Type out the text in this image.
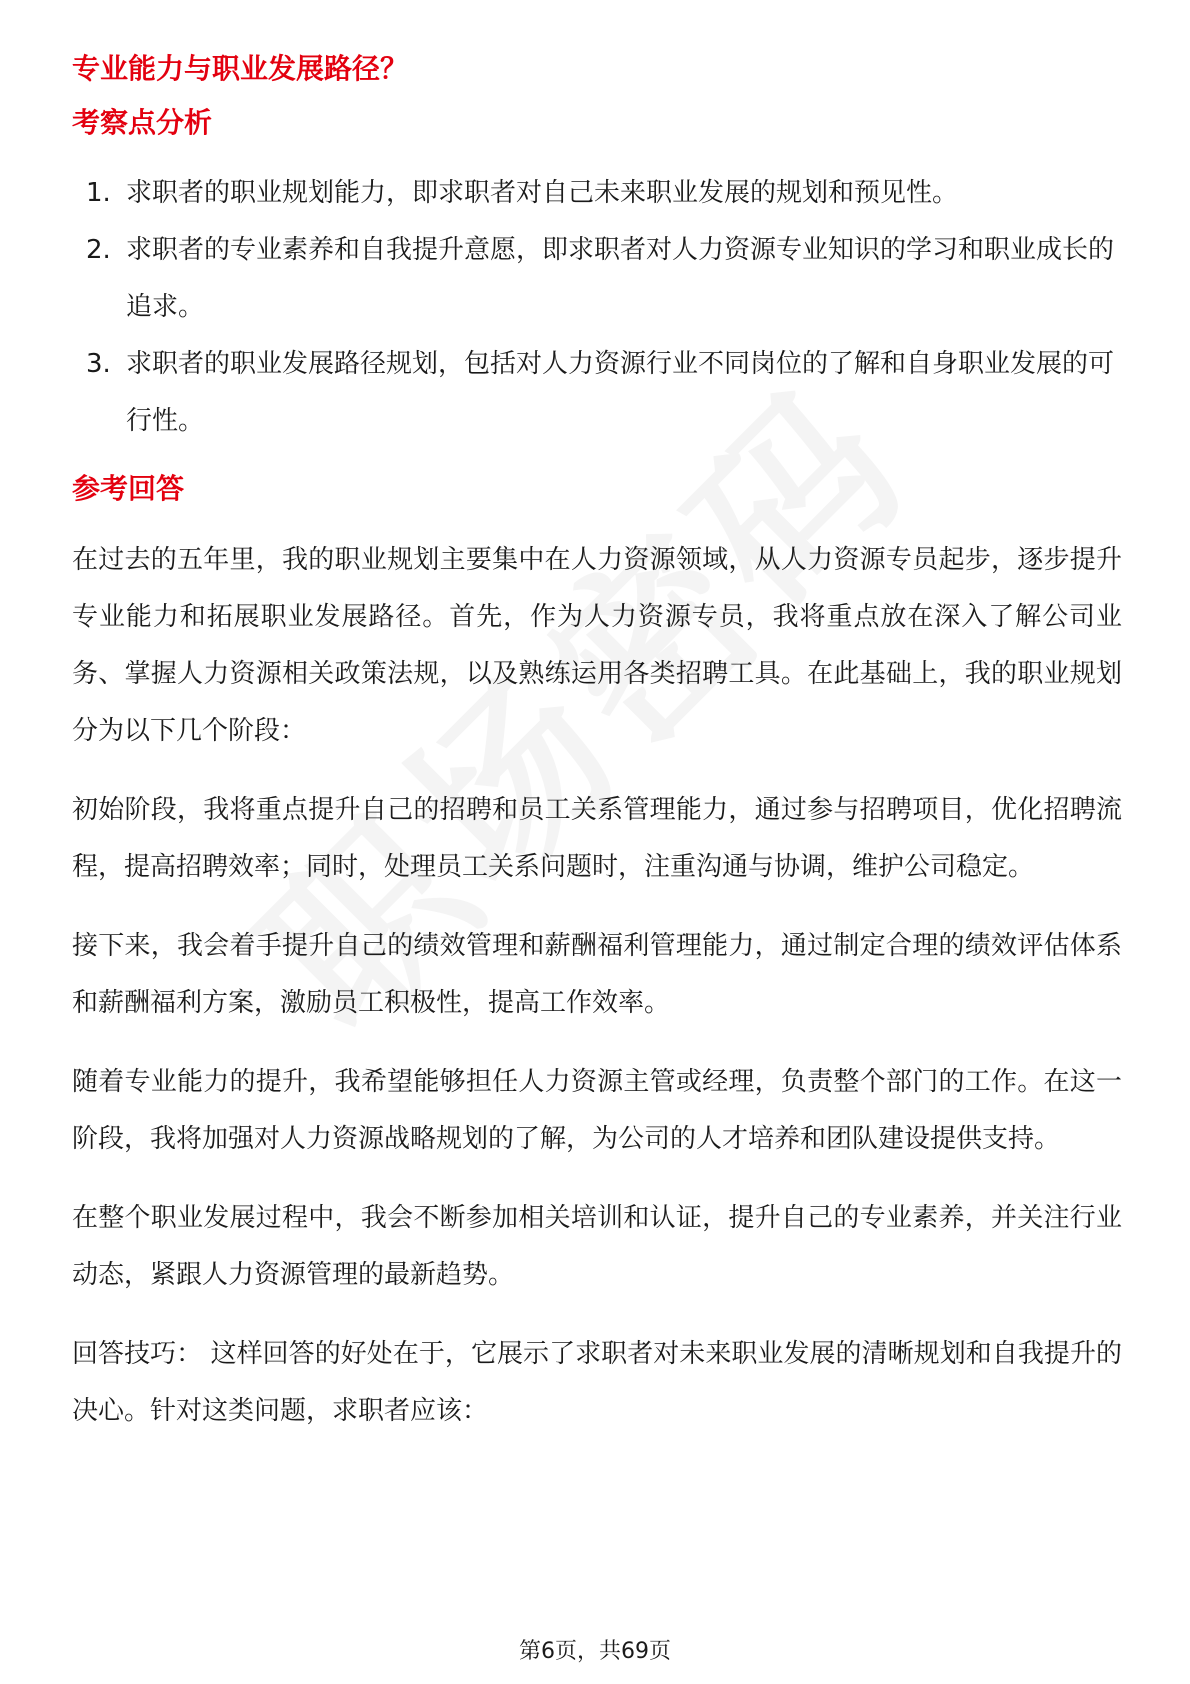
专业能力与职业发展路径？
考察点分析
1. 求职者的职业规划能力，即求职者对自己未来职业发展的规划和预见性。
2. 求职者的专业素养和自我提升意愿，即求职者对人力资源专业知识的学习和职业成长的追求。
3. 求职者的职业发展路径规划，包括对人力资源行业不同岗位的了解和自身职业发展的可行性。
参考回答

在过去的五年里，我的职业规划主要集中在人力资源领域，从人力资源专员起步，逐步提升专业能力和拓展职业发展路径。首先，作为人力资源专员，我将重点放在深入了解公司业务、掌握人力资源相关政策法规，以及熟练运用各类招聘工具。在此基础上，我的职业规划分为以下几个阶段：

初始阶段，我将重点提升自己的招聘和员工关系管理能力，通过参与招聘项目，优化招聘流程，提高招聘效率；同时，处理员工关系问题时，注重沟通与协调，维护公司稳定。

接下来，我会着手提升自己的绩效管理和薪酬福利管理能力，通过制定合理的绩效评估体系和薪酬福利方案，激励员工积极性，提高工作效率。

随着专业能力的提升，我希望能够担任人力资源主管或经理，负责整个部门的工作。在这一阶段，我将加强对人力资源战略规划的了解，为公司的人才培养和团队建设提供支持。

在整个职业发展过程中，我会不断参加相关培训和认证，提升自己的专业素养，并关注行业动态，紧跟人力资源管理的最新趋势。

回答技巧： 这样回答的好处在于，它展示了求职者对未来职业发展的清晰规划和自我提升的决心。针对这类问题，求职者应该：

第6页，共69页
